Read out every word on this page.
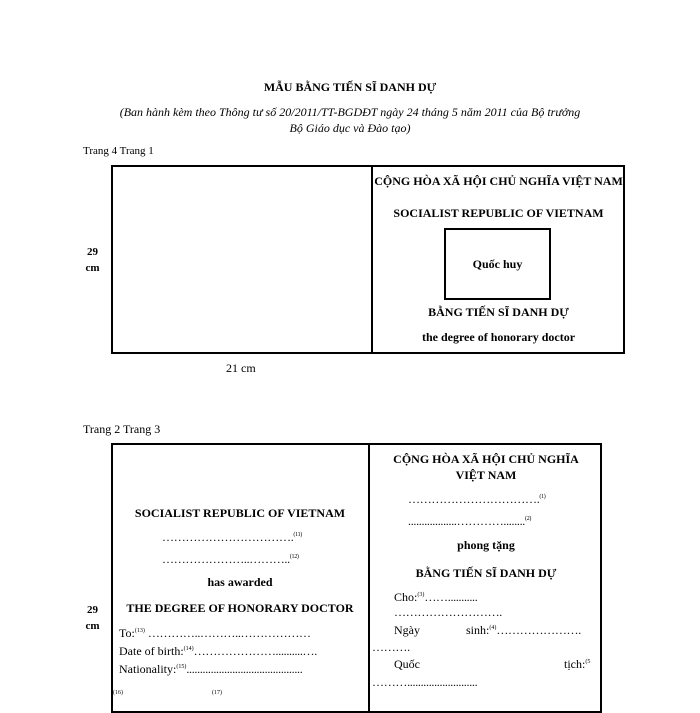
MẪU BẰNG TIẾN SĨ DANH DỰ
(Ban hành kèm theo Thông tư số 20/2011/TT-BGDĐT ngày 24 tháng 5 năm 2011 của Bộ trưởng
Bộ Giáo dục và Đào tạo)
Trang 4 Trang 1
29
cm
CỘNG HÒA XÃ HỘI CHỦ NGHĨA VIỆT NAM
SOCIALIST REPUBLIC OF VIETNAM
Quốc huy
BẰNG TIẾN SĨ DANH DỰ
the degree of honorary doctor
21 cm
Trang 2 Trang 3
29
cm
SOCIALIST REPUBLIC OF VIETNAM
…………………………….$^{(11)}$
…………………..………..$^{(12)}$
has awarded
THE DEGREE OF HONORARY DOCTOR
To:$^{(13)}$ …………..………..………………
Date of birth:$^{(14)}$…………………..........….
Nationality:$^{(15)}$...........................................
(16)	(17)
CỘNG HÒA XÃ HỘI CHỦ NGHĨA
VIỆT NAM
…………………………….$^{(1)}$
..................…………........$^{(2)}$
phong tặng
BẰNG TIẾN SĨ DANH DỰ
Cho:$^{(3)}$……...........
……………………….
Ngày	sinh:$^{(4)}$………………….
……….
Quốc	tịch:$^{(5}$
………..........................
